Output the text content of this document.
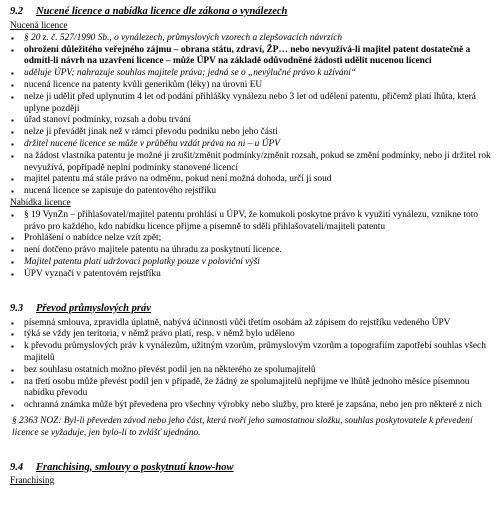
9.2	Nucené licence a nabídka licence dle zákona o vynálezech

Nucená licence

▪ § 20 z. č. 527/1990 Sb., o vynálezech, průmyslových vzorech a zlepšovacích návrzích
▪ ohrožení důležitého veřejného zájmu – obrana státu, zdraví, ŽP… nebo nevyužívá-li majitel patent dostatečně a odmítl-li návrh na uzavření licence – může ÚPV na základě odůvodněné žádosti udělit nucenou licenci
▪ uděluje ÚPV; nahrazuje souhlas majitele práva; jedná se o „nevýlučné právo k užívání“
▪ nucená licence na patenty kvůli generikům (léky) na úrovni EU
▪ nelze ji udělit před uplynutím 4 let od podání přihlášky vynálezu nebo 3 let od udělení patentu, přičemž platí lhůta, která uplyne později
▪ úřad stanoví podmínky, rozsah a dobu trvání
▪ nelze ji převádět jinak než v rámci převodu podniku nebo jeho části
▪ držitel nucené licence se může v průběhu vzdát práva na ni – u ÚPV
▪ na žádost vlastníka patentu je možné ji zrušit/změnit podmínky/změnit rozsah, pokud se změní podmínky, nebo ji držitel rok nevyužívá, popřípadě neplní podmínky stanovené licencí
▪ majitel patentu má stále právo na odměnu, pokud není možná dohoda, určí ji soud
▪ nucená licence se zapisuje do patentového rejstříku

Nabídka licence

▪ § 19 VynZn – přihlašovatel/majitel patentu prohlásí u ÚPV, že komukoli poskytne právo k využití vynálezu, vznikne toto právo pro každého, kdo nabídku licence přijme a písemně to sdělí přihlašovateli/majiteli patentu
▪ Prohlášení o nabídce nelze vzít zpět;
▪ není dotčeno právo majitele patentu na úhradu za poskytnutí licence.
▪ Majitel patentu platí udržovací poplatky pouze v poloviční výši
▪ ÚPV vyznačí v patentovém rejstříku
9.3	Převod průmyslových práv
▪ písemná smlouva, zpravidla úplatně, nabývá účinnosti vůči třetím osobám až zápisem do rejstříku vedeného ÚPV
▪ týká se vždy jen teritoria, v němž právo platí, resp. v němž bylo uděleno
▪ k převodu průmyslových práv k vynálezům, užitným vzorům, průmyslovým vzorům a topografiím zapotřebí souhlas všech majitelů
▪ bez souhlasu ostatních možno převést podíl jen na některého ze spolumajitelů
▪ na třetí osobu může převést podíl jen v případě, že žádný ze spolumajitelů nepřijme ve lhůtě jednoho měsíce písemnou nabídku převodu
▪ ochranná známka může být převedena pro všechny výrobky nebo služby, pro které je zapsána, nebo jen pro některé z nich

§ 2363 NOZ: Byl-li převeden závod nebo jeho část, která tvoří jeho samostatnou složku, souhlas poskytovatele k převedení licence se vyžaduje, jen bylo-li to zvlášť ujednáno.

9.4	Franchising, smlouvy o poskytnutí know-how

Franchising
